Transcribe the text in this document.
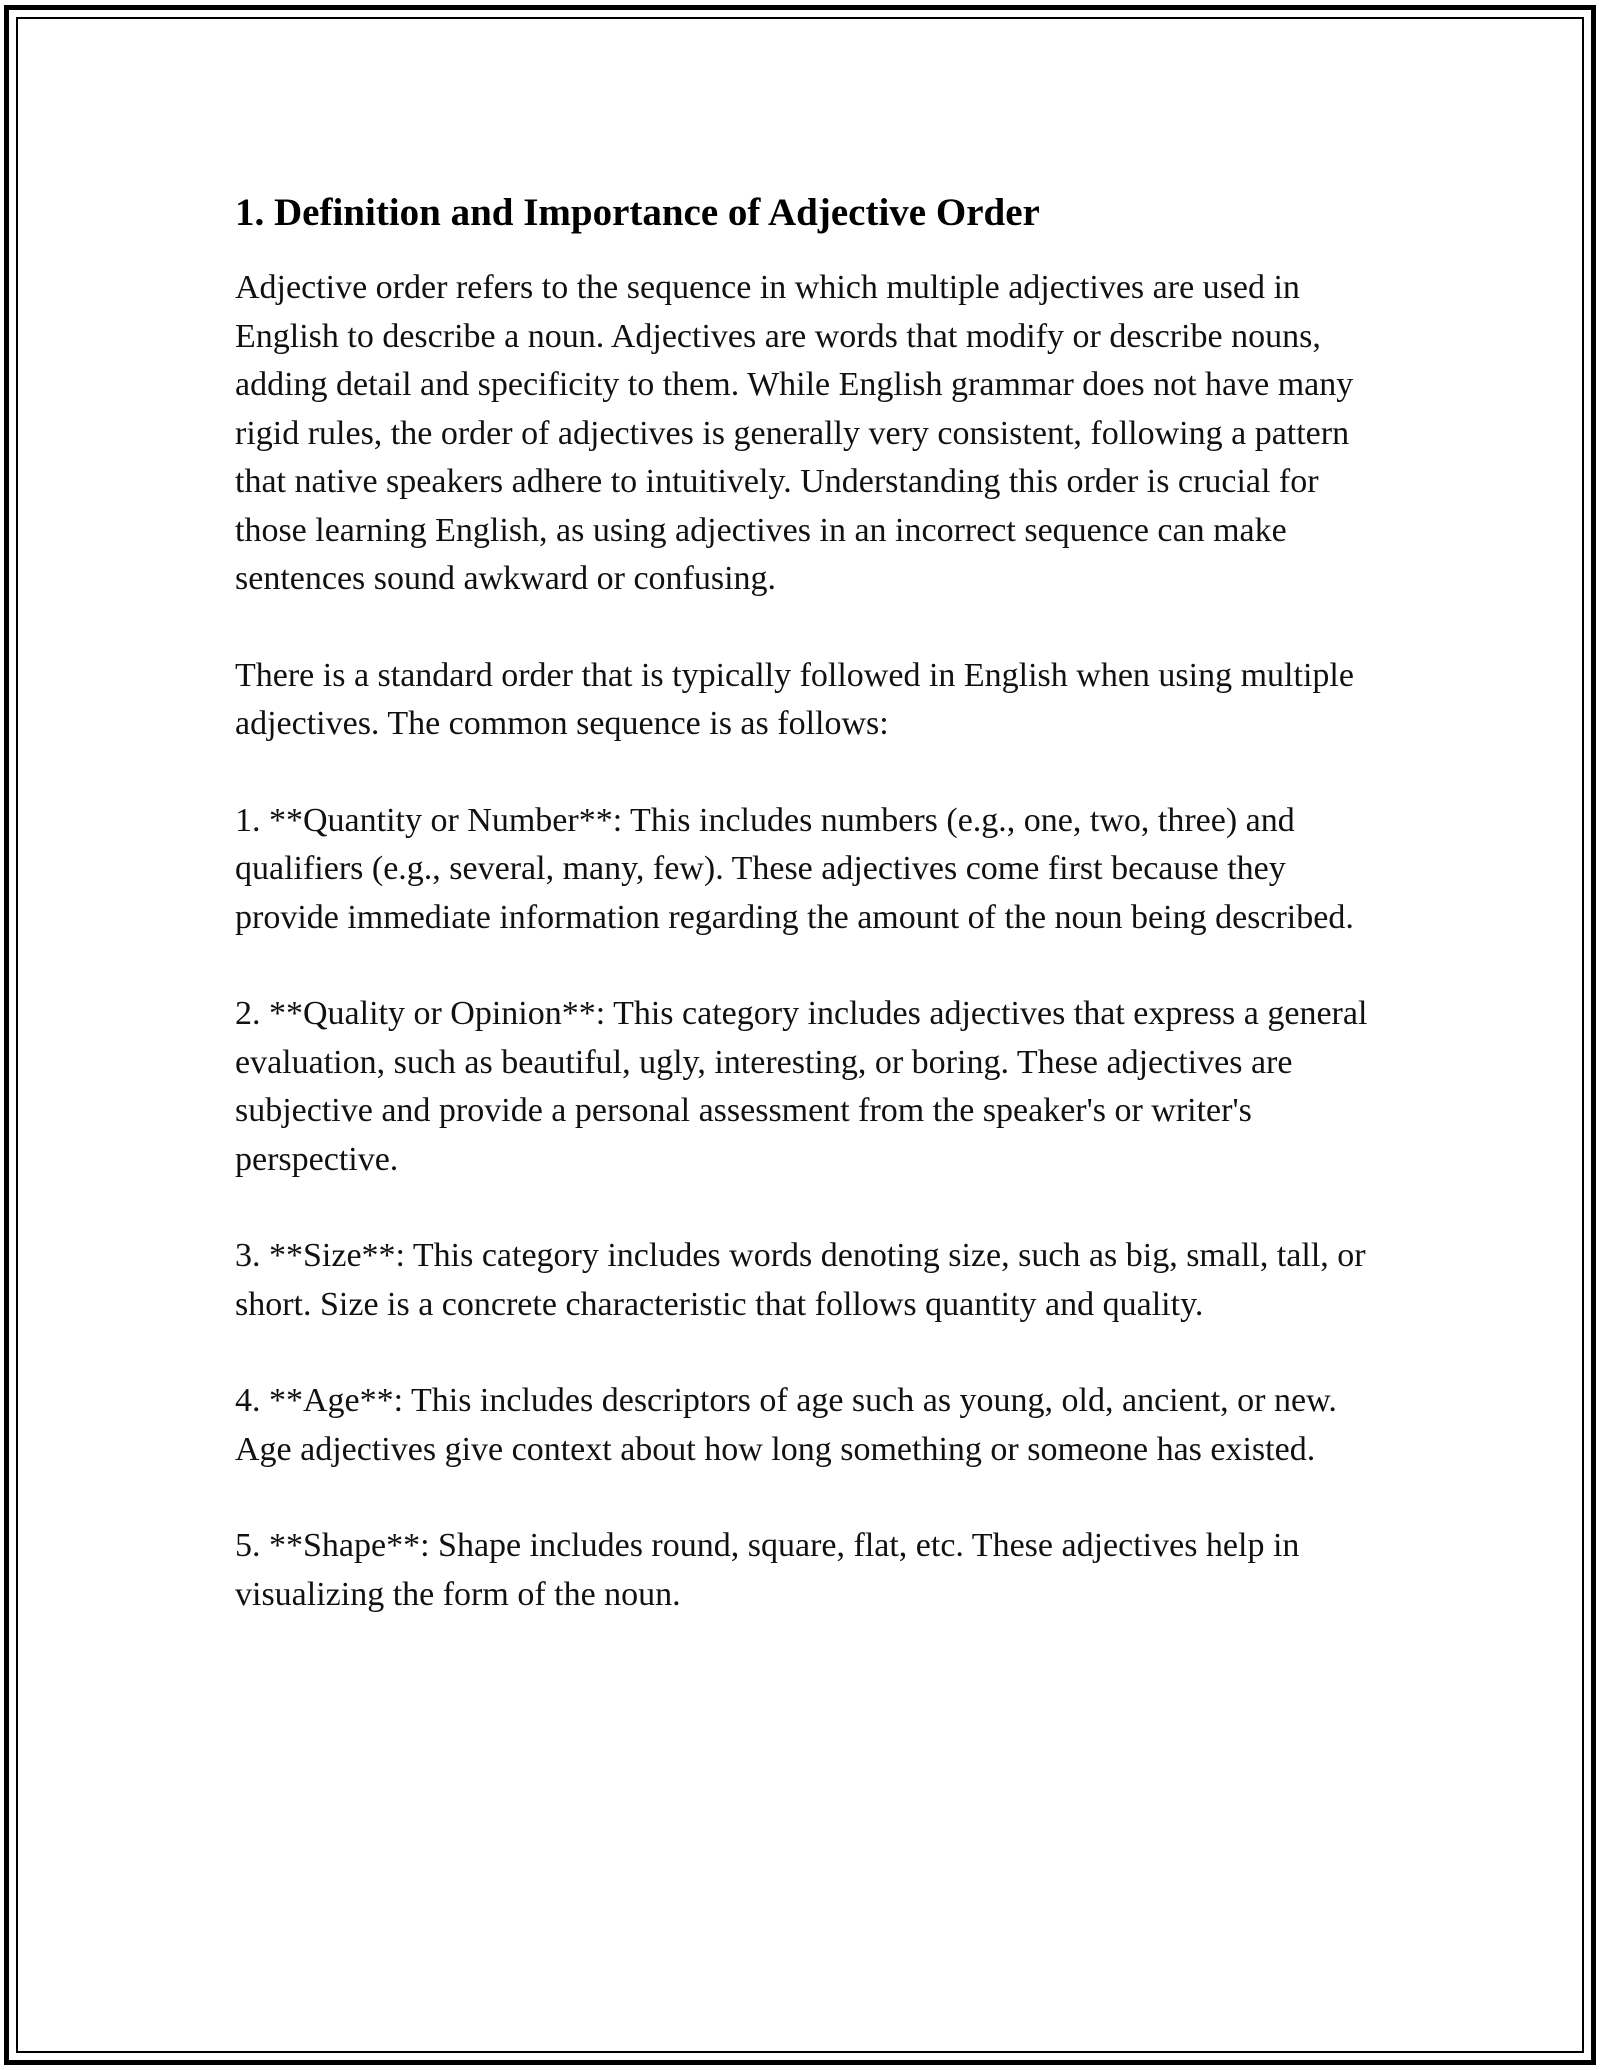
1. Definition and Importance of Adjective Order

Adjective order refers to the sequence in which multiple adjectives are used in English to describe a noun. Adjectives are words that modify or describe nouns, adding detail and specificity to them. While English grammar does not have many rigid rules, the order of adjectives is generally very consistent, following a pattern that native speakers adhere to intuitively. Understanding this order is crucial for those learning English, as using adjectives in an incorrect sequence can make sentences sound awkward or confusing.

There is a standard order that is typically followed in English when using multiple adjectives. The common sequence is as follows:

1. **Quantity or Number**: This includes numbers (e.g., one, two, three) and qualifiers (e.g., several, many, few). These adjectives come first because they provide immediate information regarding the amount of the noun being described.

2. **Quality or Opinion**: This category includes adjectives that express a general evaluation, such as beautiful, ugly, interesting, or boring. These adjectives are subjective and provide a personal assessment from the speaker's or writer's perspective.

3. **Size**: This category includes words denoting size, such as big, small, tall, or short. Size is a concrete characteristic that follows quantity and quality.

4. **Age**: This includes descriptors of age such as young, old, ancient, or new. Age adjectives give context about how long something or someone has existed.

5. **Shape**: Shape includes round, square, flat, etc. These adjectives help in visualizing the form of the noun.
